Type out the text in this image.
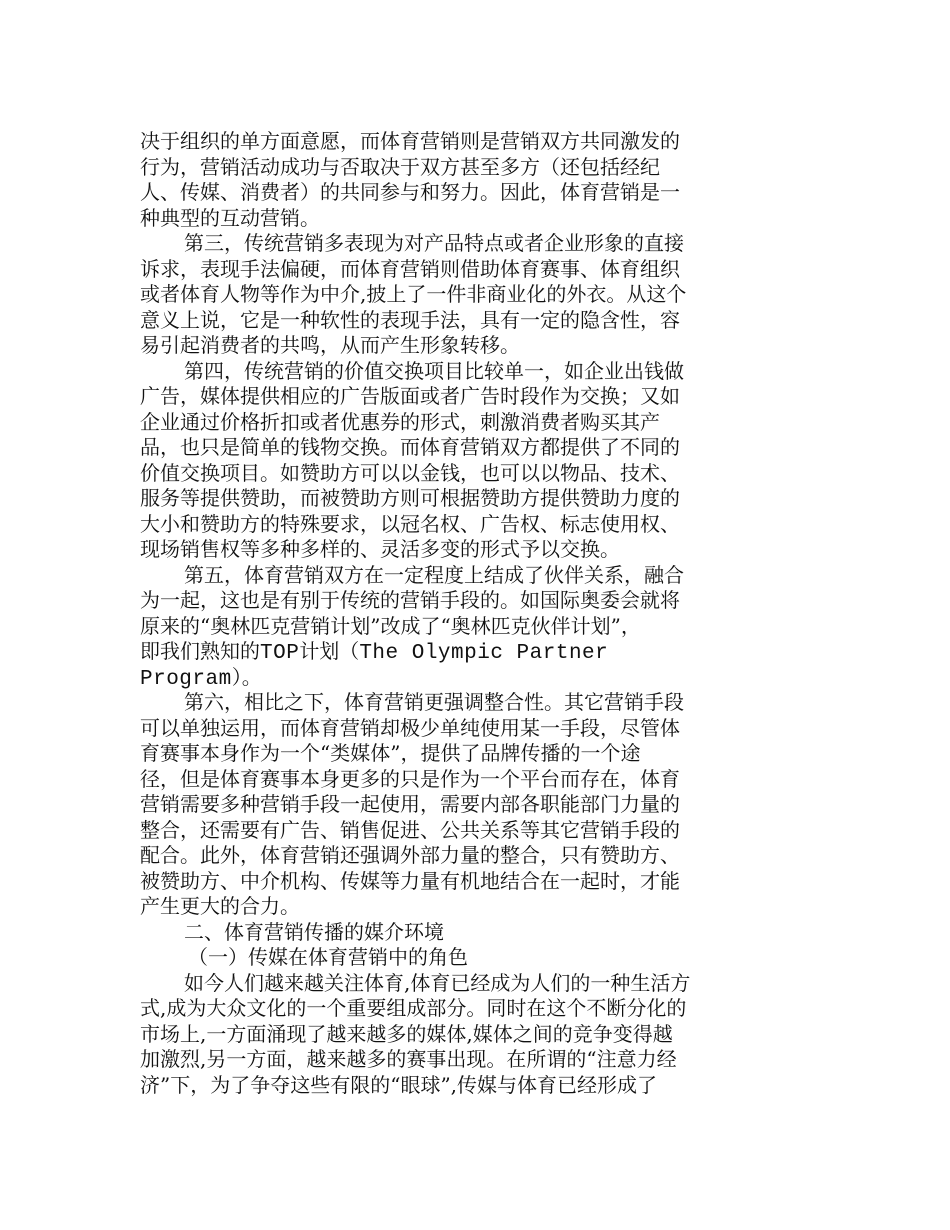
决于组织的单方面意愿，而体育营销则是营销双方共同激发的
行为，营销活动成功与否取决于双方甚至多方（还包括经纪
人、传媒、消费者）的共同参与和努力。因此，体育营销是一
种典型的互动营销。
第三，传统营销多表现为对产品特点或者企业形象的直接
诉求，表现手法偏硬，而体育营销则借助体育赛事、体育组织
或者体育人物等作为中介,披上了一件非商业化的外衣。从这个
意义上说，它是一种软性的表现手法，具有一定的隐含性，容
易引起消费者的共鸣，从而产生形象转移。
第四，传统营销的价值交换项目比较单一，如企业出钱做
广告，媒体提供相应的广告版面或者广告时段作为交换；又如
企业通过价格折扣或者优惠券的形式，刺激消费者购买其产
品，也只是简单的钱物交换。而体育营销双方都提供了不同的
价值交换项目。如赞助方可以以金钱，也可以以物品、技术、
服务等提供赞助，而被赞助方则可根据赞助方提供赞助力度的
大小和赞助方的特殊要求，以冠名权、广告权、标志使用权、
现场销售权等多种多样的、灵活多变的形式予以交换。
第五，体育营销双方在一定程度上结成了伙伴关系，融合
为一起，这也是有别于传统的营销手段的。如国际奥委会就将
原来的“奥林匹克营销计划”改成了“奥林匹克伙伴计划”，
即我们熟知的TOP计划（The Olympic Partner
Program）。
第六，相比之下，体育营销更强调整合性。其它营销手段
可以单独运用，而体育营销却极少单纯使用某一手段，尽管体
育赛事本身作为一个“类媒体”，提供了品牌传播的一个途
径，但是体育赛事本身更多的只是作为一个平台而存在，体育
营销需要多种营销手段一起使用，需要内部各职能部门力量的
整合，还需要有广告、销售促进、公共关系等其它营销手段的
配合。此外，体育营销还强调外部力量的整合，只有赞助方、
被赞助方、中介机构、传媒等力量有机地结合在一起时，才能
产生更大的合力。
二、体育营销传播的媒介环境
（一）传媒在体育营销中的角色
如今人们越来越关注体育,体育已经成为人们的一种生活方
式,成为大众文化的一个重要组成部分。同时在这个不断分化的
市场上,一方面涌现了越来越多的媒体,媒体之间的竞争变得越
加激烈,另一方面，越来越多的赛事出现。在所谓的“注意力经
济”下，为了争夺这些有限的“眼球”,传媒与体育已经形成了
